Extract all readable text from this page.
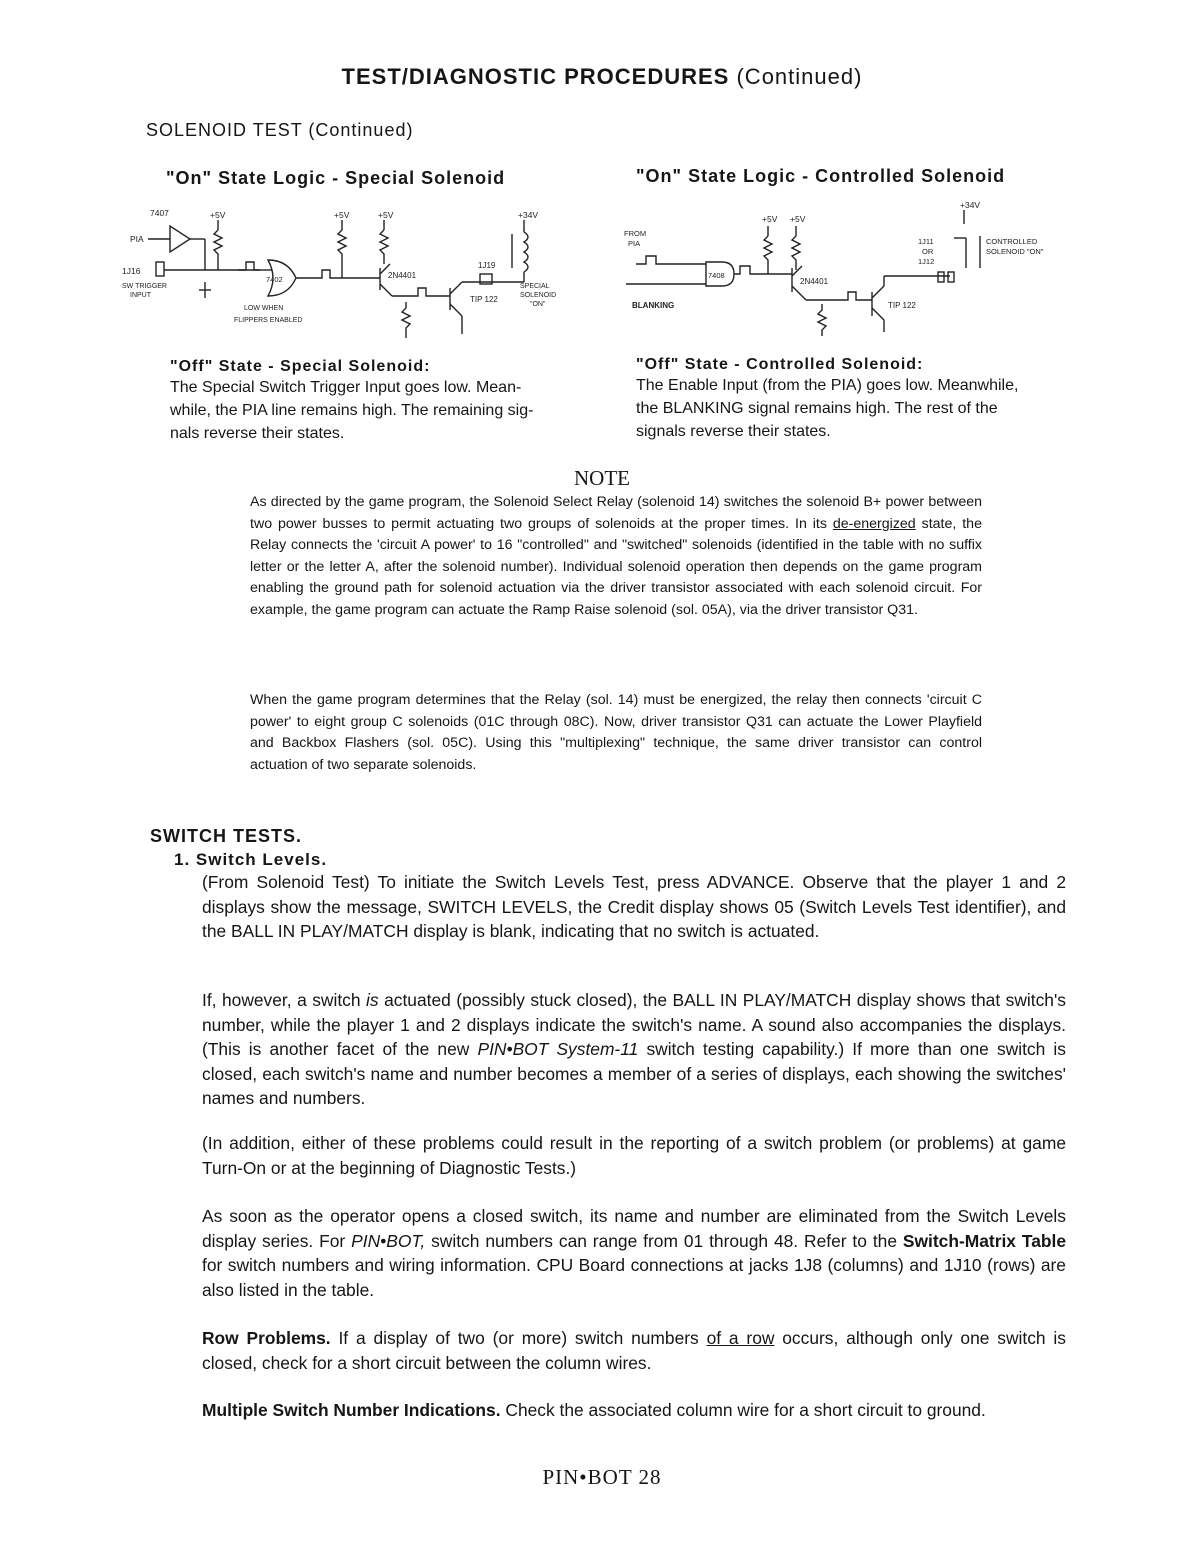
TEST/DIAGNOSTIC PROCEDURES (Continued)
SOLENOID TEST (Continued)
"On" State Logic - Special Solenoid	"On" State Logic - Controlled Solenoid
7407
PIA
+5V	+5V	+5V	+34V
1J16
SW TRIGGER
INPUT
7402	2N4401
1J19
SPECIAL
SOLENOID
"ON"
TIP 122
LOW WHEN
FLIPPERS ENABLED
+34V
+5V +5V
FROM
PIA
7408
BLANKING
2N4401
1J11
OR
1J12
CONTROLLED
SOLENOID "ON"
TIP 122
"Off" State - Special Solenoid:
The Special Switch Trigger Input goes low. Mean-
while, the PIA line remains high. The remaining sig-
nals reverse their states.
"Off" State - Controlled Solenoid:
The Enable Input (from the PIA) goes low. Meanwhile,
the BLANKING signal remains high. The rest of the
signals reverse their states.
NOTE
As directed by the game program, the Solenoid Select Relay (solenoid 14) switches the solenoid B+ power between two power busses to permit actuating two groups of solenoids at the proper times. In its de-energized state, the Relay connects the 'circuit A power' to 16 "controlled" and "switched" solenoids (identified in the table with no suffix letter or the letter A, after the solenoid number). Individual solenoid operation then depends on the game program enabling the ground path for solenoid actuation via the driver transistor associated with each solenoid circuit. For example, the game program can actuate the Ramp Raise solenoid (sol. 05A), via the driver transistor Q31.
When the game program determines that the Relay (sol. 14) must be energized, the relay then connects 'circuit C power' to eight group C solenoids (01C through 08C). Now, driver transistor Q31 can actuate the Lower Playfield and Backbox Flashers (sol. 05C). Using this "multiplexing" technique, the same driver transistor can control actuation of two separate solenoids.
SWITCH TESTS.
1. Switch Levels.
(From Solenoid Test) To initiate the Switch Levels Test, press ADVANCE. Observe that the player 1 and 2 displays show the message, SWITCH LEVELS, the Credit display shows 05 (Switch Levels Test identifier), and the BALL IN PLAY/MATCH display is blank, indicating that no switch is actuated.
If, however, a switch is actuated (possibly stuck closed), the BALL IN PLAY/MATCH display shows that switch's number, while the player 1 and 2 displays indicate the switch's name. A sound also accompanies the displays. (This is another facet of the new PIN•BOT System-11 switch testing capability.) If more than one switch is closed, each switch's name and number becomes a member of a series of displays, each showing the switches' names and numbers.
(In addition, either of these problems could result in the reporting of a switch problem (or problems) at game Turn-On or at the beginning of Diagnostic Tests.)
As soon as the operator opens a closed switch, its name and number are eliminated from the Switch Levels display series. For PIN•BOT, switch numbers can range from 01 through 48. Refer to the Switch-Matrix Table for switch numbers and wiring information. CPU Board connections at jacks 1J8 (columns) and 1J10 (rows) are also listed in the table.
Row Problems. If a display of two (or more) switch numbers of a row occurs, although only one switch is closed, check for a short circuit between the column wires.
Multiple Switch Number Indications. Check the associated column wire for a short circuit to ground.
PIN•BOT 28
